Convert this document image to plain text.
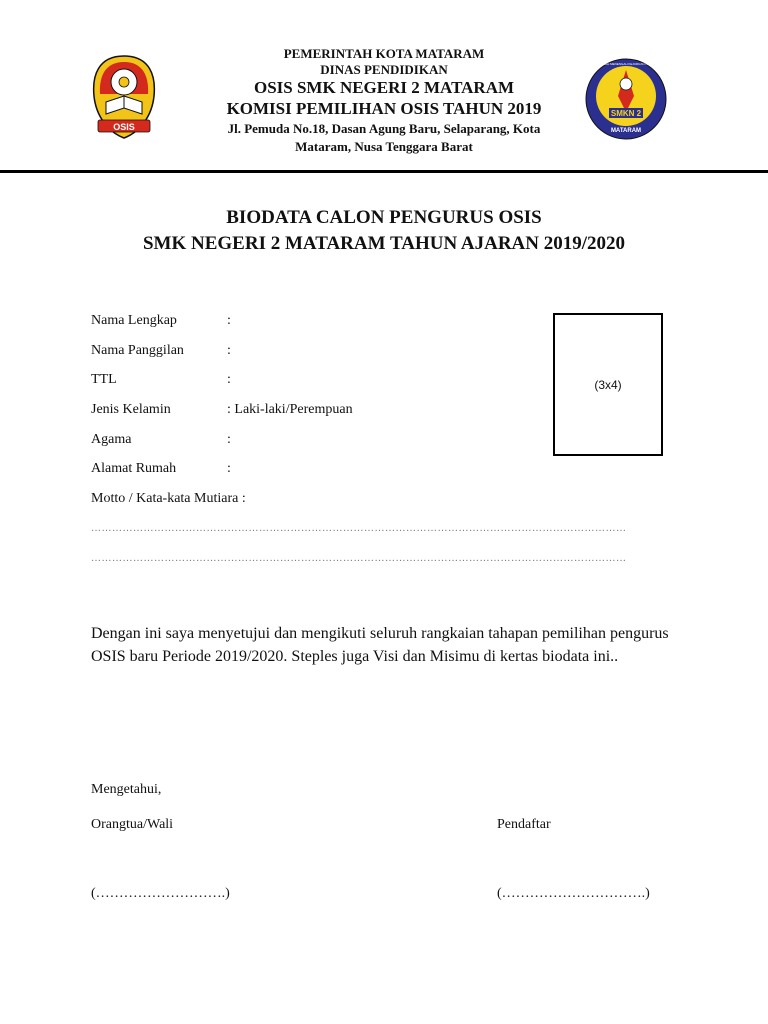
OSIS
SMKN 2
MATARAM
SEKOLAH MENENGAH KEJURUAN NEGERI
PEMERINTAH KOTA MATARAM
DINAS PENDIDIKAN
OSIS SMK NEGERI 2 MATARAM
KOMISI PEMILIHAN OSIS TAHUN 2019
Jl. Pemuda No.18, Dasan Agung Baru, Selaparang, Kota
Mataram, Nusa Tenggara Barat
BIODATA CALON PENGURUS OSIS
SMK NEGERI 2 MATARAM TAHUN AJARAN 2019/2020
Nama Lengkap	:
Nama Panggilan	:
TTL	:
Jenis Kelamin	: Laki-laki/Perempuan
Agama	:
Alamat Rumah	:
Motto / Kata-kata Mutiara :
………………………………………………………………………………………………………………………………………
………………………………………………………………………………………………………………………………………
(3x4)
Dengan ini saya menyetujui dan mengikuti seluruh rangkaian tahapan pemilihan pengurus OSIS baru Periode 2019/2020. Steples juga Visi dan Misimu di kertas biodata ini..
Mengetahui,
Orangtua/Wali	Pendaftar
(……………………….)	(………………………….)
